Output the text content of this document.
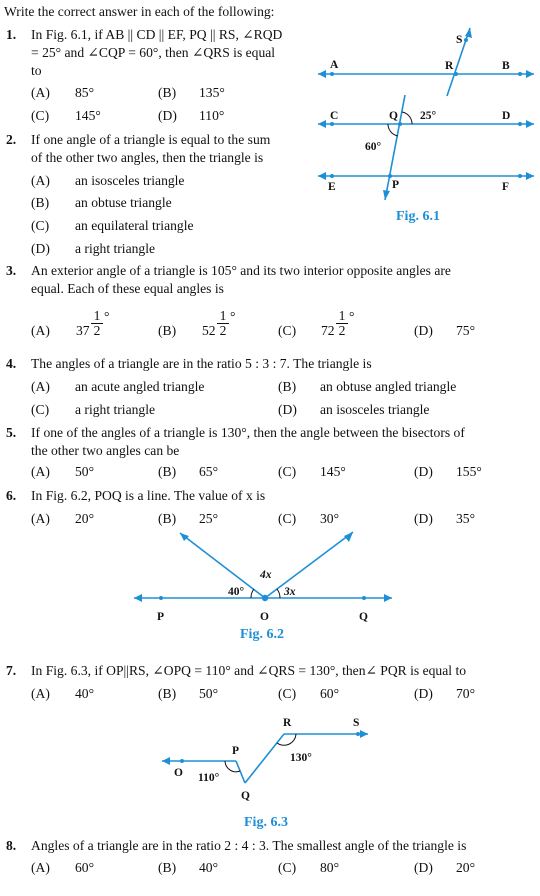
Write the correct answer in each of the following:
1. In Fig. 6.1, if AB || CD || EF, PQ || RS, ∠RQD
= 25° and ∠CQP = 60°, then ∠QRS is equal
to
(A) 85°	(B) 135°
(C) 145°	(D) 110°
2. If one angle of a triangle is equal to the sum
of the other two angles, then the triangle is
(A) an isosceles triangle
(B) an obtuse triangle
(C) an equilateral triangle
(D) a right triangle
S
A	R	B
C	Q 25°	D
60°
E	P	F
Fig. 6.1
3. An exterior angle of a triangle is 105° and its two interior opposite angles are
equal. Each of these equal angles is
(A) $37 \frac{1}{2}$ °
(B) $52 \frac{1}{2}$ °
(C) $72 \frac{1}{2}$ °
(D) 75°
4. The angles of a triangle are in the ratio 5 : 3 : 7. The triangle is
(A) an acute angled triangle	(B) an obtuse angled triangle
(C) a right triangle	(D) an isosceles triangle
5. If one of the angles of a triangle is 130°, then the angle between the bisectors of
the other two angles can be
(A) 50°	(B) 65°	(C) 145°	(D) 155°
6. In Fig. 6.2, POQ is a line. The value of x is
(A) 20°	(B) 25°	(C) 30°	(D) 35°
4x
40°	3x
P	O	Q
Fig. 6.2
7. In Fig. 6.3, if OP||RS, ∠OPQ = 110° and ∠QRS = 130°, then∠ PQR is equal to
(A) 40°	(B) 50°	(C) 60°	(D) 70°
R	S
P
O
130°
110°
Q
Fig. 6.3
8. Angles of a triangle are in the ratio 2 : 4 : 3. The smallest angle of the triangle is
(A) 60°	(B) 40°	(C) 80°	(D) 20°
